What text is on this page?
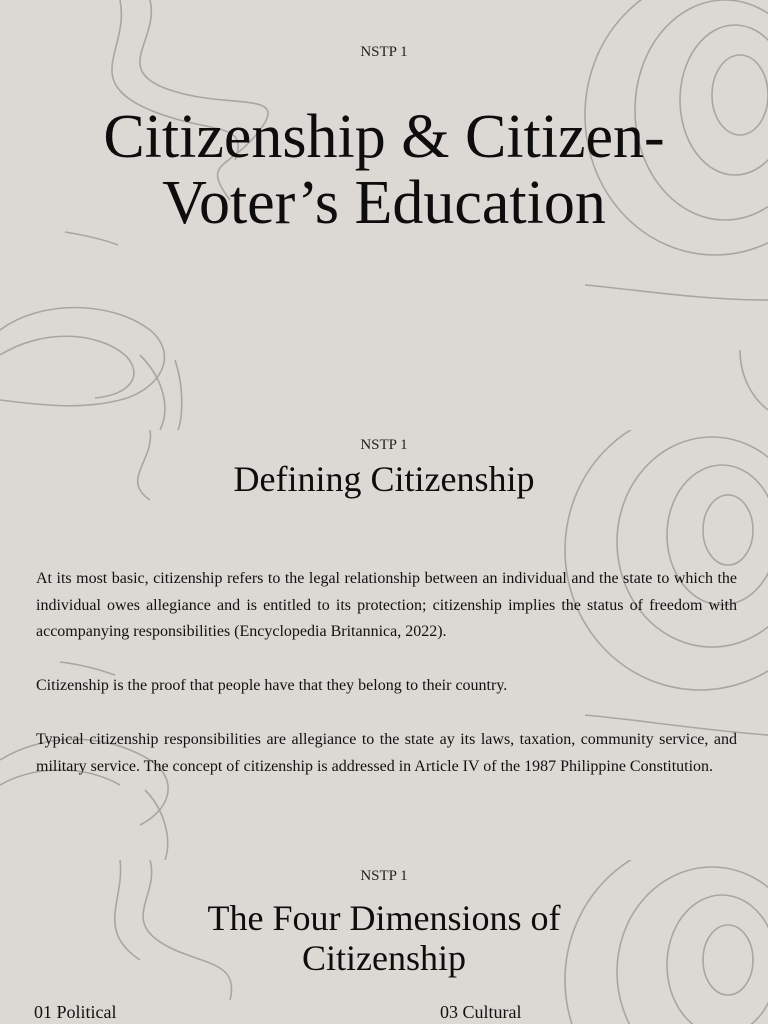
NSTP 1
Citizenship & Citizen-
Voter’s Education
NSTP 1
Defining Citizenship

At its most basic, citizenship refers to the legal relationship between an individual and the state to which the individual owes allegiance and is entitled to its protection; citizenship implies the status of freedom with accompanying responsibilities (Encyclopedia Britannica, 2022).

Citizenship is the proof that people have that they belong to their country.

Typical citizenship responsibilities are allegiance to the state ay its laws, taxation, community service, and military service. The concept of citizenship is addressed in Article IV of the 1987 Philippine Constitution.

NSTP 1
The Four Dimensions of
Citizenship
01 Political	03 Cultural
